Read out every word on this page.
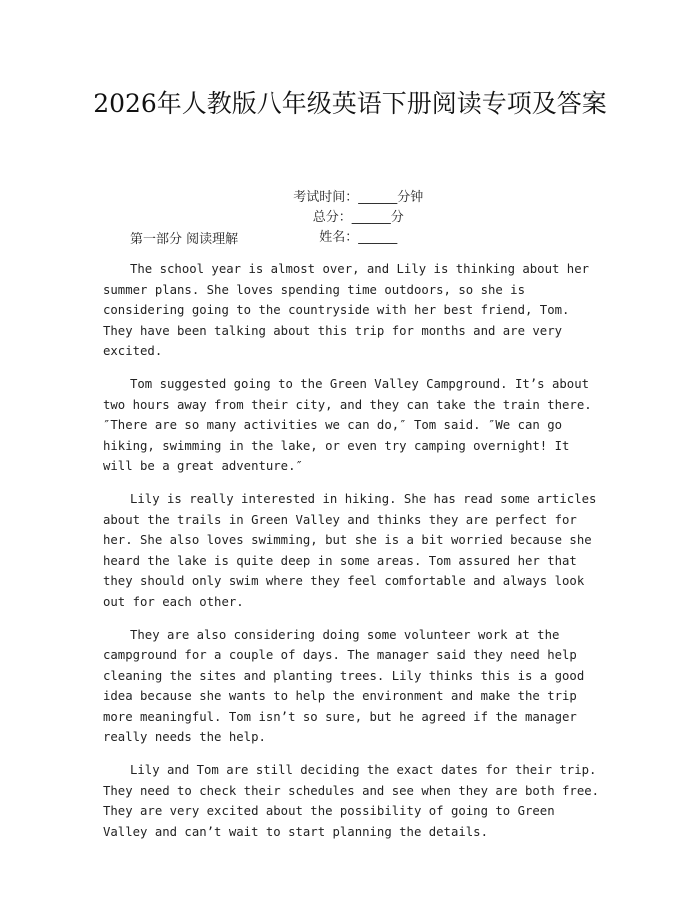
2026年人教版八年级英语下册阅读专项及答案

考试时间：______分钟
总分：______分
姓名：______

第一部分 阅读理解

The school year is almost over, and Lily is thinking about her summer plans. She loves spending time outdoors, so she is considering going to the countryside with her best friend, Tom. They have been talking about this trip for months and are very excited.

Tom suggested going to the Green Valley Campground. It’s about two hours away from their city, and they can take the train there. ″There are so many activities we can do,″ Tom said. ″We can go hiking, swimming in the lake, or even try camping overnight! It will be a great adventure.″

Lily is really interested in hiking. She has read some articles about the trails in Green Valley and thinks they are perfect for her. She also loves swimming, but she is a bit worried because she heard the lake is quite deep in some areas. Tom assured her that they should only swim where they feel comfortable and always look out for each other.

They are also considering doing some volunteer work at the campground for a couple of days. The manager said they need help cleaning the sites and planting trees. Lily thinks this is a good idea because she wants to help the environment and make the trip more meaningful. Tom isn’t so sure, but he agreed if the manager really needs the help.

Lily and Tom are still deciding the exact dates for their trip. They need to check their schedules and see when they are both free. They are very excited about the possibility of going to Green Valley and can’t wait to start planning the details.
